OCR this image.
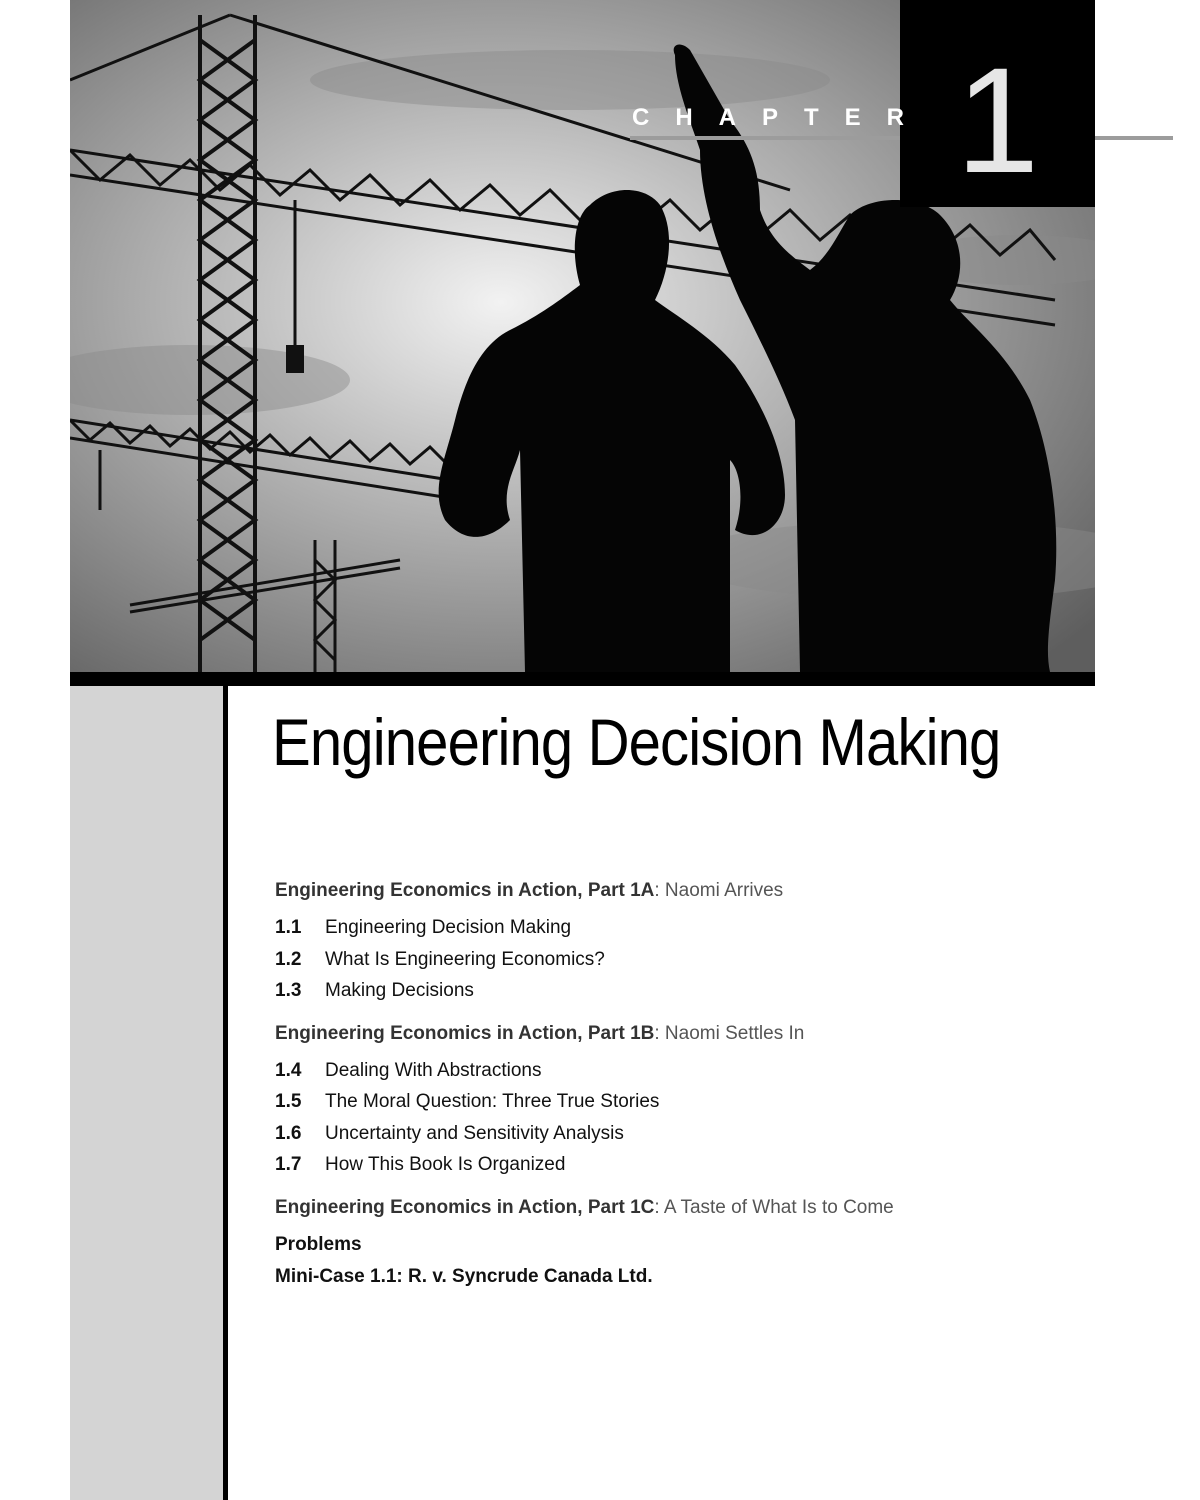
1
CHAPTER
Engineering Decision Making
Engineering Economics in Action, Part 1A: Naomi Arrives
1.1	Engineering Decision Making
1.2	What Is Engineering Economics?
1.3	Making Decisions
Engineering Economics in Action, Part 1B: Naomi Settles In
1.4	Dealing With Abstractions
1.5	The Moral Question: Three True Stories
1.6	Uncertainty and Sensitivity Analysis
1.7	How This Book Is Organized
Engineering Economics in Action, Part 1C: A Taste of What Is to Come
Problems
Mini-Case 1.1: R. v. Syncrude Canada Ltd.
